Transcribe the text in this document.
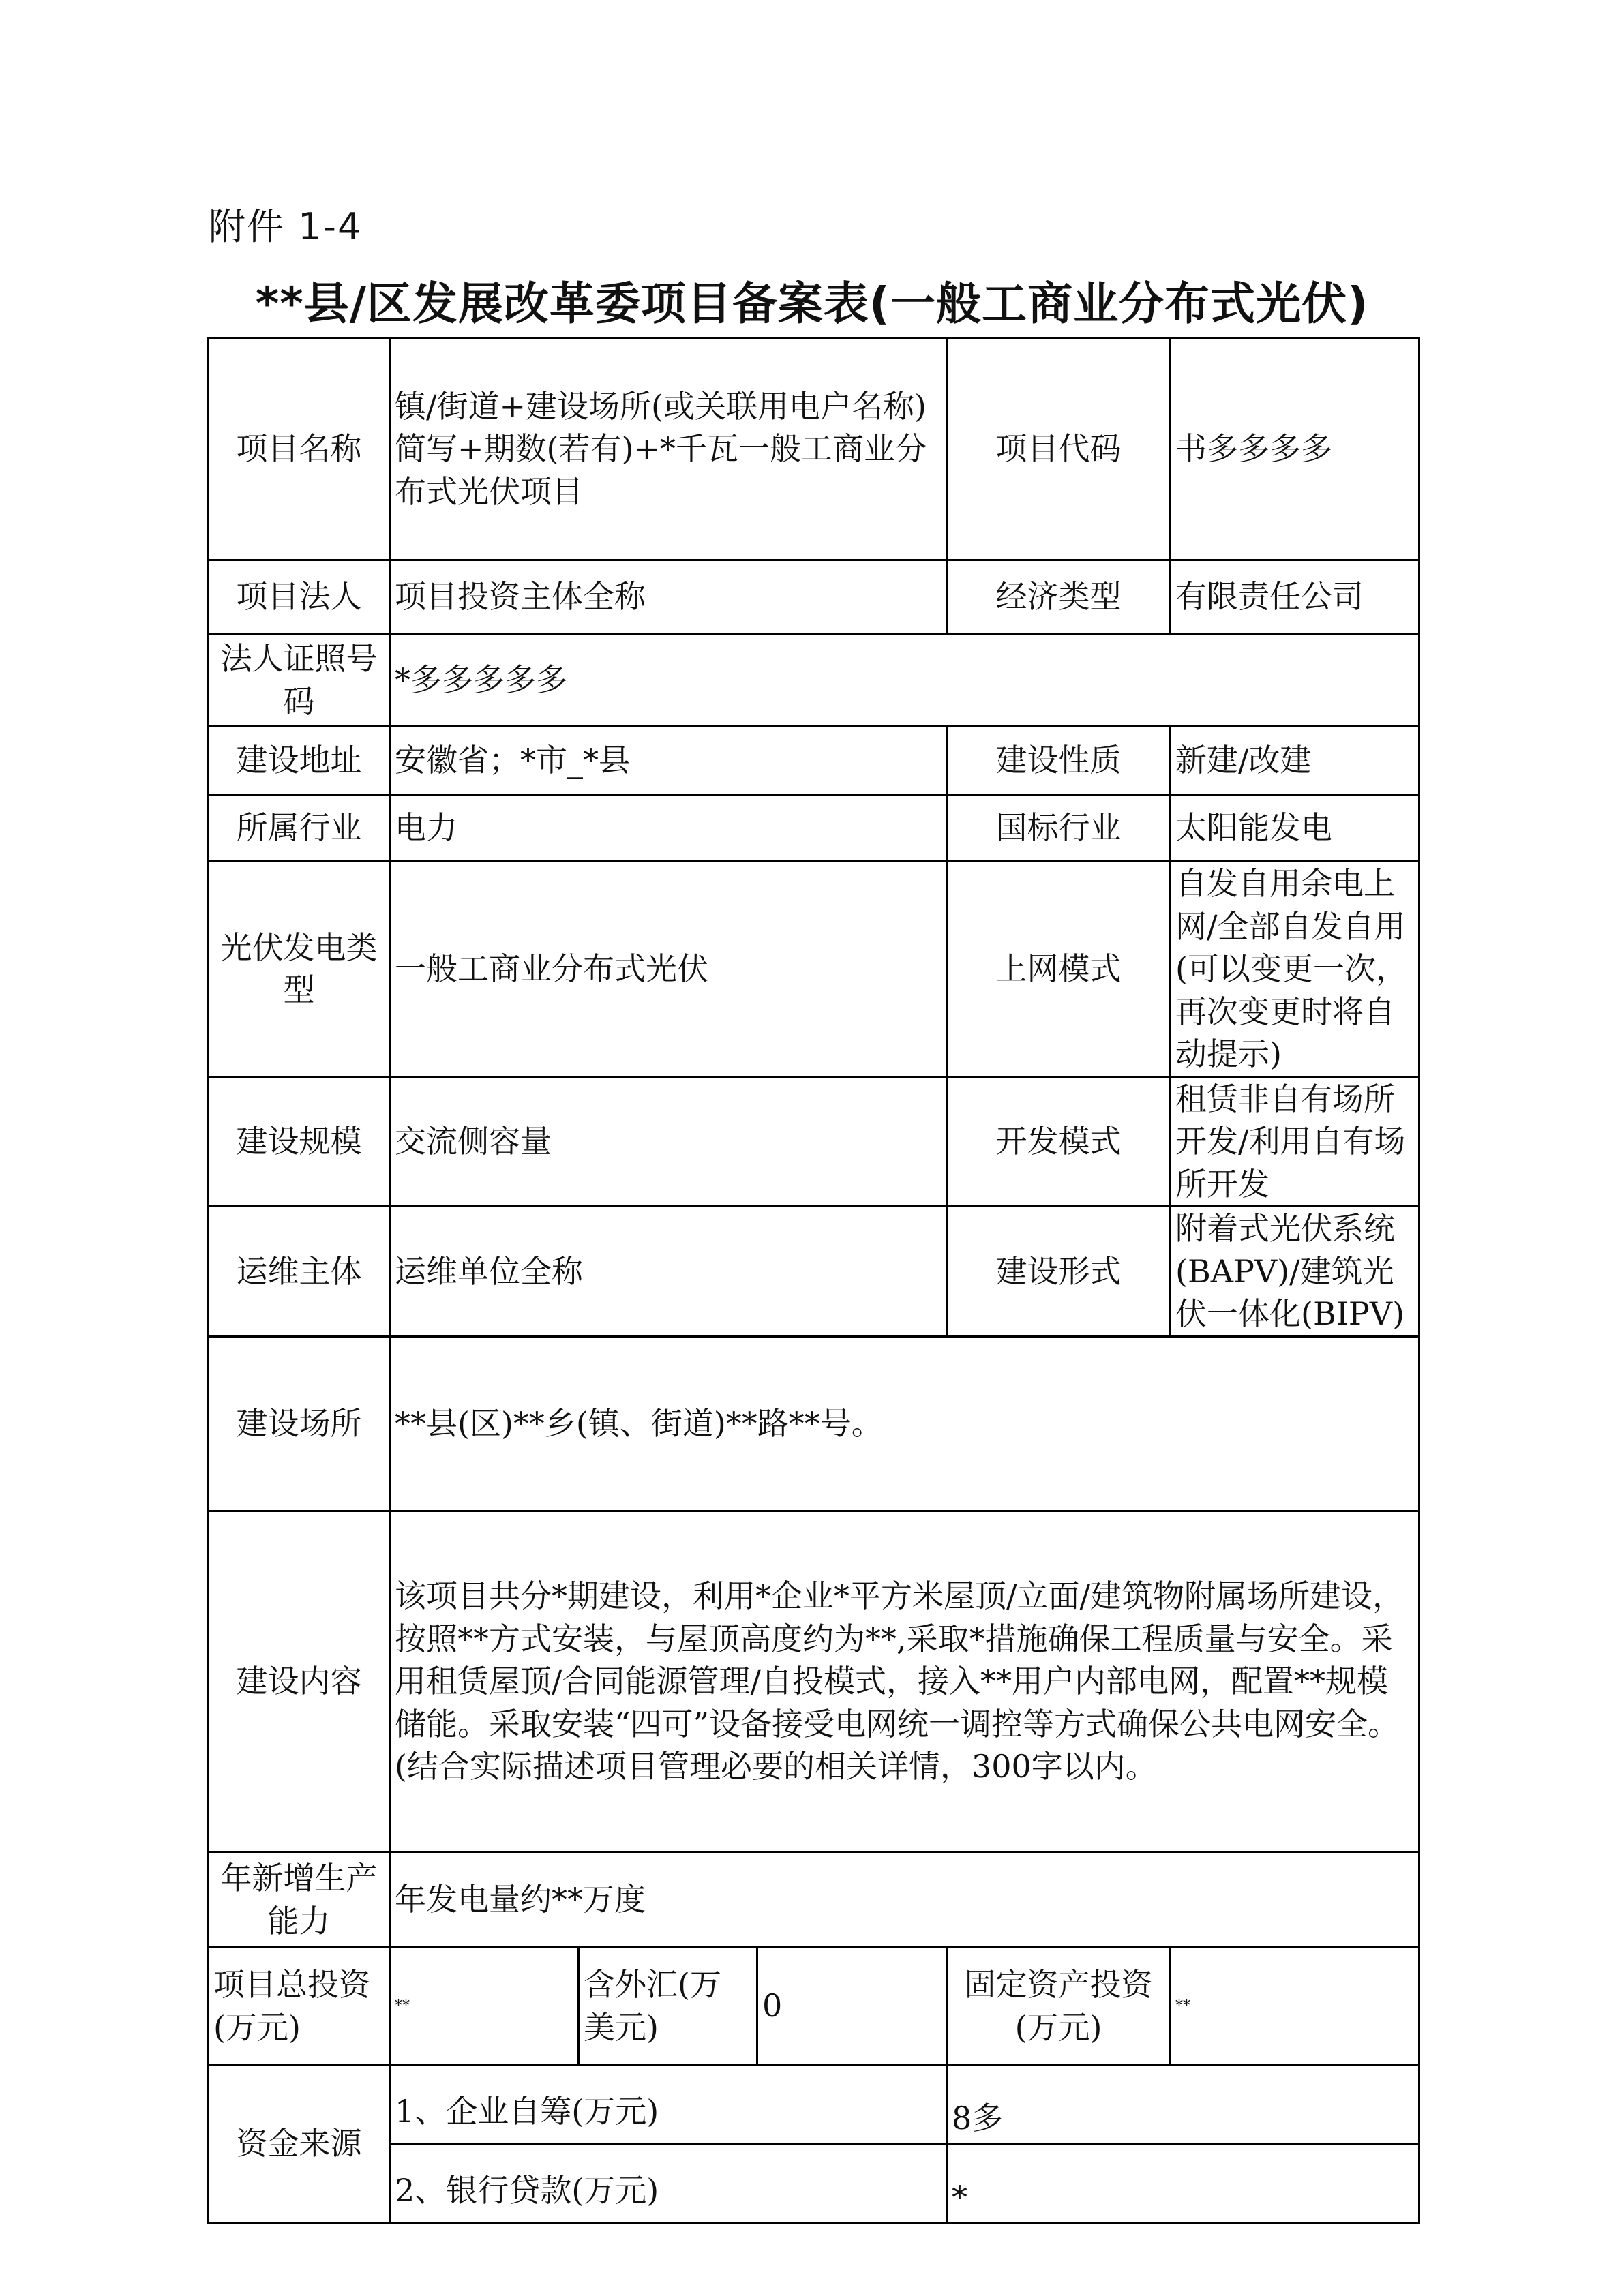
附件 1-4
**县/区发展改革委项目备案表(一般工商业分布式光伏)
项目名称	镇/街道+建设场所(或关联用电户名称)简写+期数(若有)+*千瓦一般工商业分布式光伏项目			项目代码	书多多多多
项目法人	项目投资主体全称			经济类型	有限责任公司
法人证照号码	*多多多多多				
建设地址	安徽省；*市_*县			建设性质	新建/改建
所属行业	电力			国标行业	太阳能发电
光伏发电类型	一般工商业分布式光伏			上网模式	自发自用余电上网/全部自发自用(可以变更一次，再次变更时将自动提示)
建设规模	交流侧容量			开发模式	租赁非自有场所开发/利用自有场所开发
运维主体	运维单位全称			建设形式	附着式光伏系统(BAPV)/建筑光伏一体化(BIPV)
建设场所	**县(区)**乡(镇、街道)**路**号。				
建设内容	该项目共分*期建设，利用*企业*平方米屋顶/立面/建筑物附属场所建设，按照**方式安装，与屋顶高度约为**,采取*措施确保工程质量与安全。采用租赁屋顶/合同能源管理/自投模式，接入**用户内部电网，配置**规模储能。采取安装“四可”设备接受电网统一调控等方式确保公共电网安全。(结合实际描述项目管理必要的相关详情，300字以内。				
年新增生产能力	年发电量约**万度				
项目总投资(万元)	**	含外汇(万美元)	0	固定资产投资(万元)	**
资金来源	1、企业自筹(万元)			8多	
	2、银行贷款(万元)			*	
